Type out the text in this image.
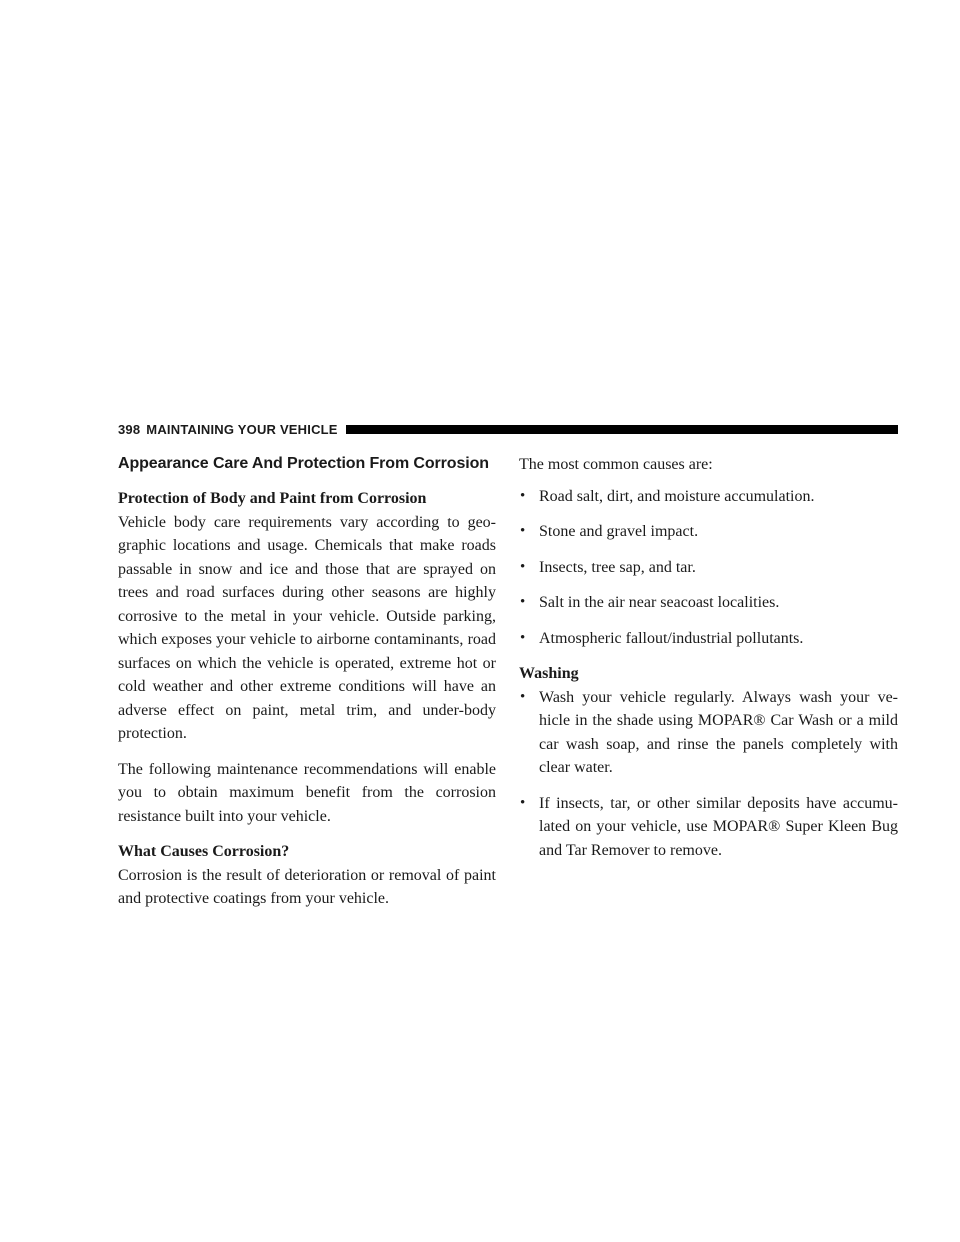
398 MAINTAINING YOUR VEHICLE
Appearance Care And Protection From Corrosion
Protection of Body and Paint from Corrosion

Vehicle body care requirements vary according to geo-graphic locations and usage. Chemicals that make roads passable in snow and ice and those that are sprayed on trees and road surfaces during other seasons are highly corrosive to the metal in your vehicle. Outside parking, which exposes your vehicle to airborne contaminants, road surfaces on which the vehicle is operated, extreme hot or cold weather and other extreme conditions will have an adverse effect on paint, metal trim, and under-body protection.

The following maintenance recommendations will enable you to obtain maximum benefit from the corrosion resistance built into your vehicle.

What Causes Corrosion?

Corrosion is the result of deterioration or removal of paint and protective coatings from your vehicle.

The most common causes are:

• Road salt, dirt, and moisture accumulation.
• Stone and gravel impact.
• Insects, tree sap, and tar.
• Salt in the air near seacoast localities.
• Atmospheric fallout/industrial pollutants.
Washing
• Wash your vehicle regularly. Always wash your ve-hicle in the shade using MOPAR® Car Wash or a mild car wash soap, and rinse the panels completely with clear water.
• If insects, tar, or other similar deposits have accumu-lated on your vehicle, use MOPAR® Super Kleen Bug and Tar Remover to remove.
